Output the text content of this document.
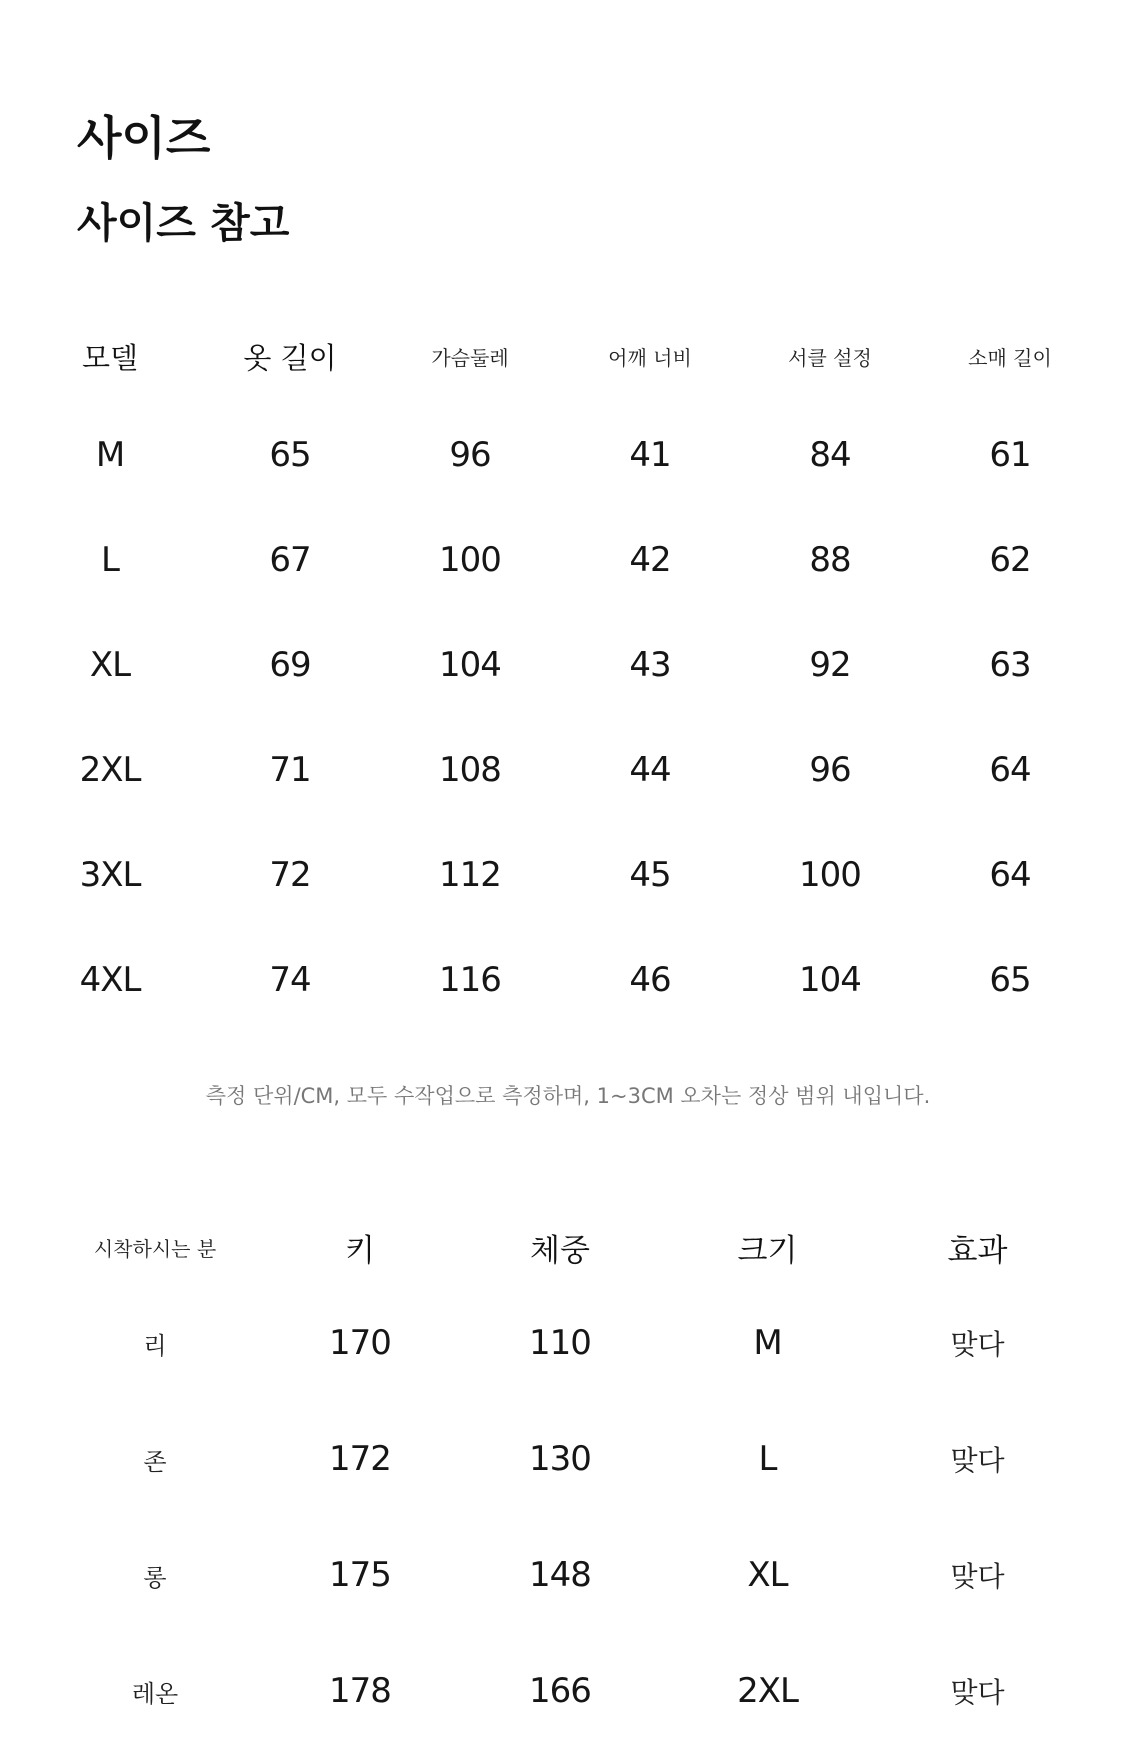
사이즈
사이즈 참고
모델	옷 길이	가슴둘레	어깨 너비	서클 설정	소매 길이
M	65	96	41	84	61
L	67	100	42	88	62
XL	69	104	43	92	63
2XL	71	108	44	96	64
3XL	72	112	45	100	64
4XL	74	116	46	104	65
측정 단위/CM, 모두 수작업으로 측정하며, 1~3CM 오차는 정상 범위 내입니다.
시착하시는 분	키	체중	크기	효과
리	170	110	M	맞다
존	172	130	L	맞다
롱	175	148	XL	맞다
레온	178	166	2XL	맞다
